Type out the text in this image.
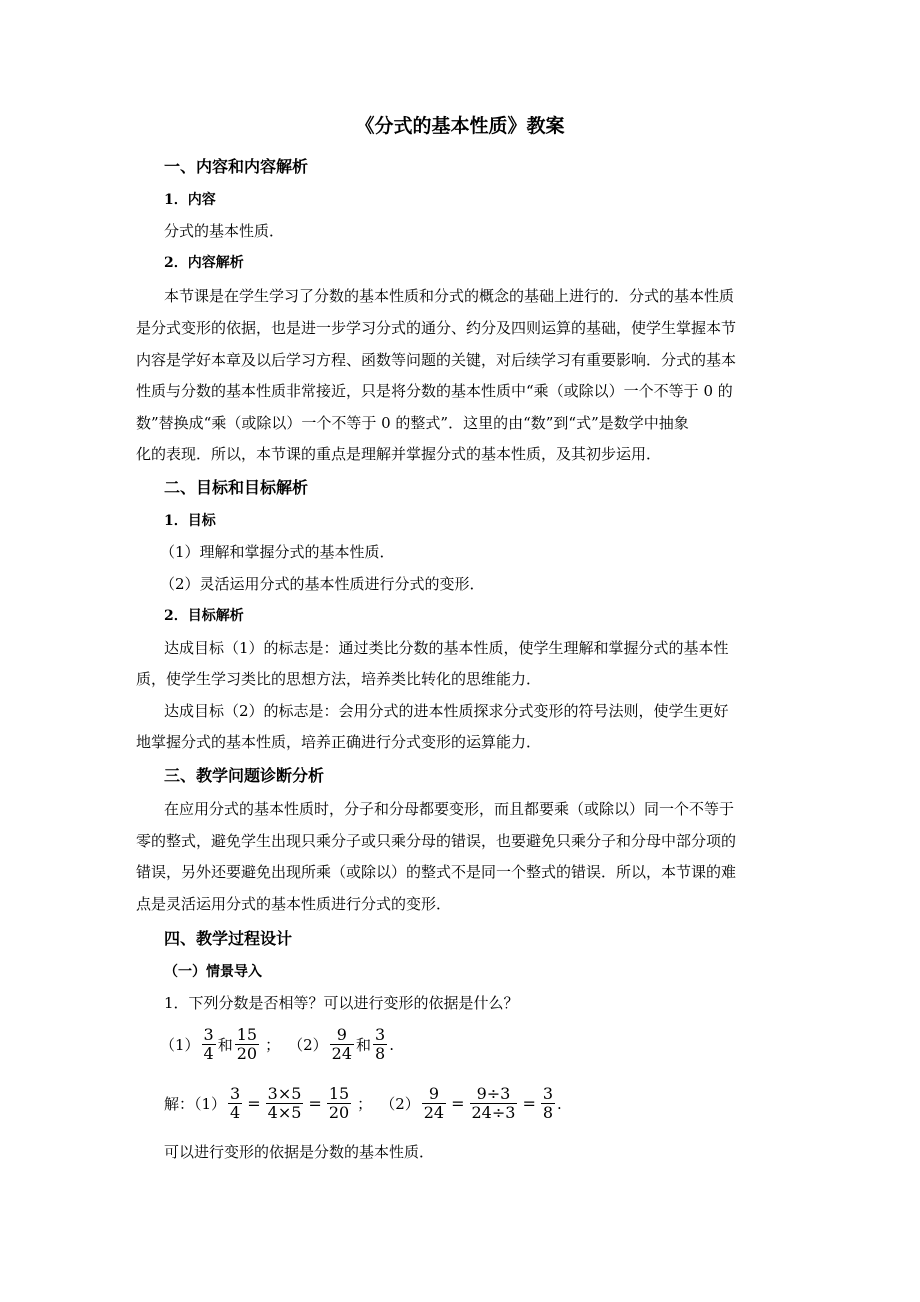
《分式的基本性质》教案
一、内容和内容解析
1．内容
分式的基本性质．
2．内容解析
本节课是在学生学习了分数的基本性质和分式的概念的基础上进行的．分式的基本性质
是分式变形的依据，也是进一步学习分式的通分、约分及四则运算的基础，使学生掌握本节
内容是学好本章及以后学习方程、函数等问题的关键，对后续学习有重要影响．分式的基本
性质与分数的基本性质非常接近，只是将分数的基本性质中“乘（或除以）一个不等于 0 的
数”替换成“乘（或除以）一个不等于 0 的整式”．这里的由“数”到“式”是数学中抽象
化的表现．所以，本节课的重点是理解并掌握分式的基本性质，及其初步运用．
二、目标和目标解析
1．目标
（1）理解和掌握分式的基本性质．
（2）灵活运用分式的基本性质进行分式的变形．
2．目标解析
达成目标（1）的标志是：通过类比分数的基本性质，使学生理解和掌握分式的基本性
质，使学生学习类比的思想方法，培养类比转化的思维能力．
达成目标（2）的标志是：会用分式的进本性质探求分式变形的符号法则，使学生更好
地掌握分式的基本性质，培养正确进行分式变形的运算能力．
三、教学问题诊断分析
在应用分式的基本性质时，分子和分母都要变形，而且都要乘（或除以）同一个不等于
零的整式，避免学生出现只乘分子或只乘分母的错误，也要避免只乘分子和分母中部分项的
错误，另外还要避免出现所乘（或除以）的整式不是同一个整式的错误．所以，本节课的难
点是灵活运用分式的基本性质进行分式的变形．
四、教学过程设计
（一）情景导入
1．下列分数是否相等？可以进行变形的依据是什么？
$(1) \frac{3}{4}$ 和 $\frac{15}{20}$ ； $(2) \frac{9}{24}$ 和 $\frac{3}{8}$ .
解：$(1) \frac{3}{4} = \frac{3\times 5}{4\times 5} = \frac{15}{20}$ ； $(2) \frac{9}{24} = \frac{9\div 3}{24\div 3} = \frac{3}{8}$ .
可以进行变形的依据是分数的基本性质．
